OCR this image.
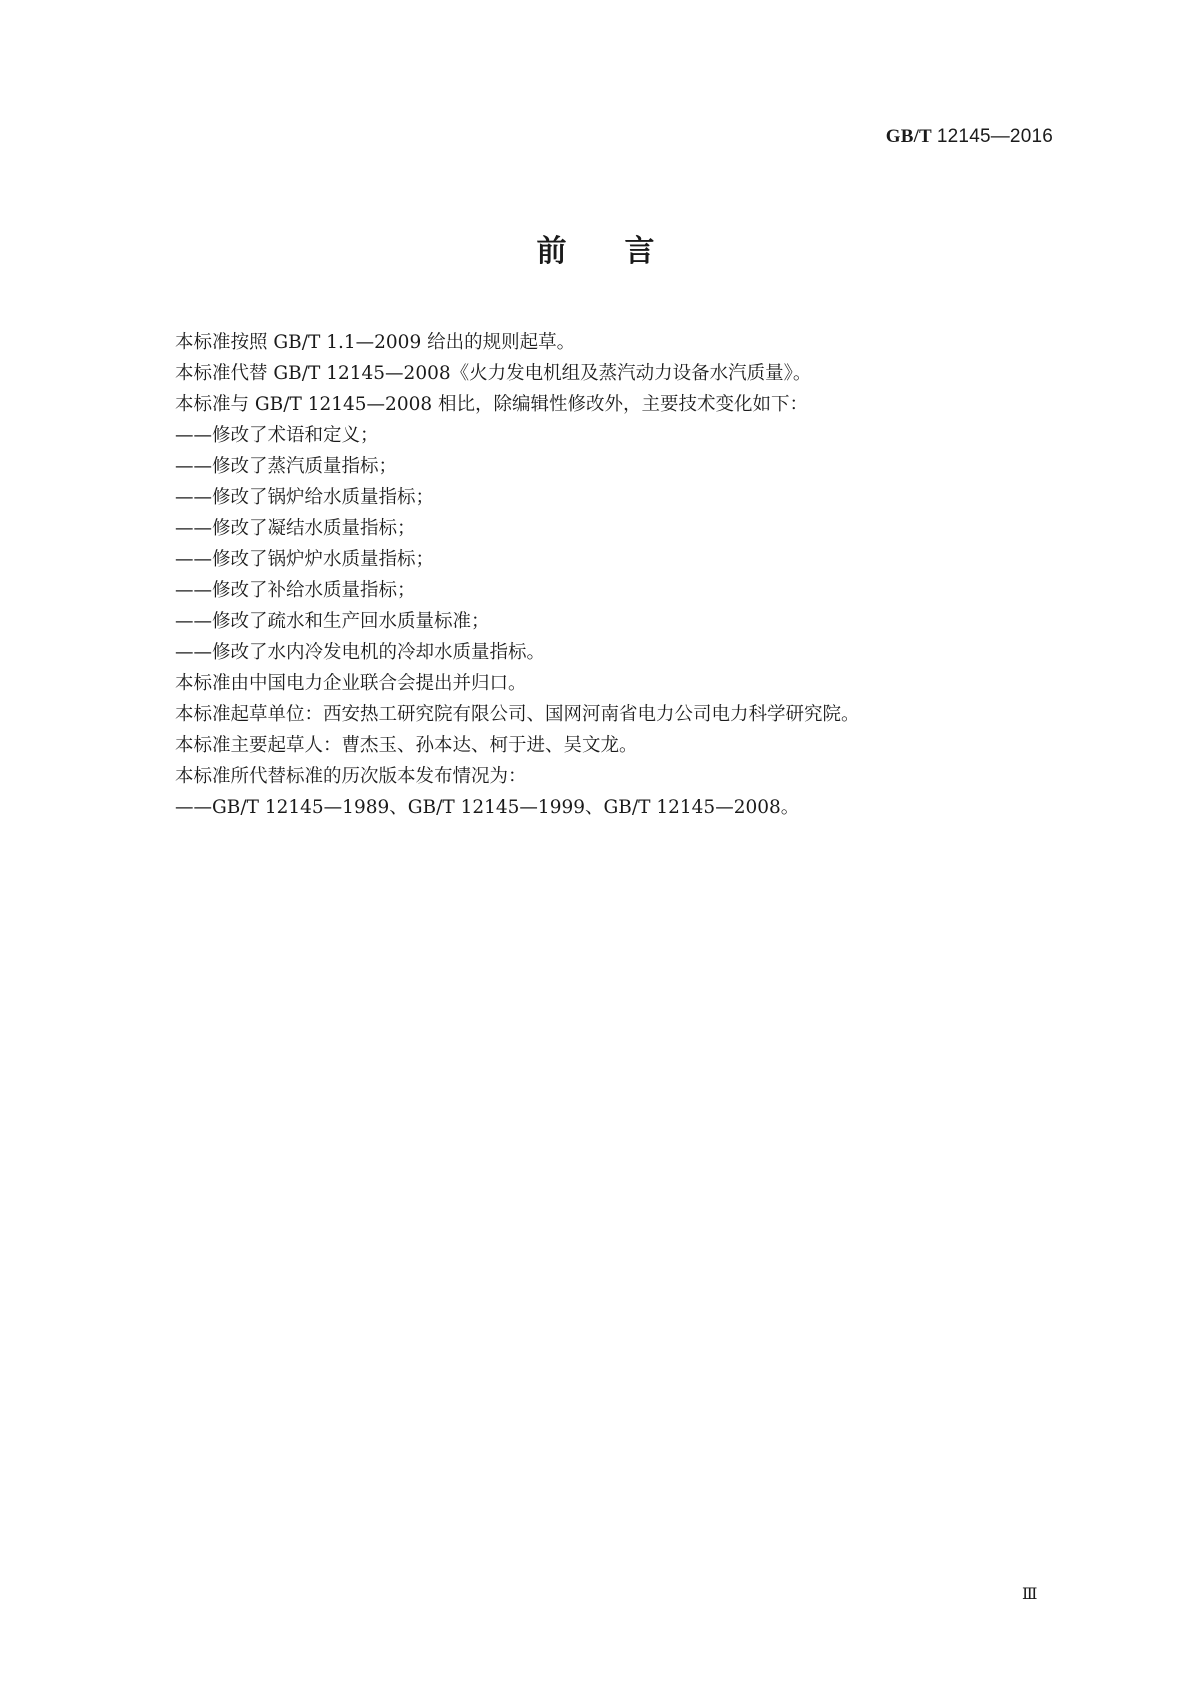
GB/T 12145—2016
前言
本标准按照 GB/T 1.1—2009 给出的规则起草。
本标准代替 GB/T 12145—2008《火力发电机组及蒸汽动力设备水汽质量》。
本标准与 GB/T 12145—2008 相比，除编辑性修改外，主要技术变化如下：
——修改了术语和定义；
——修改了蒸汽质量指标；
——修改了锅炉给水质量指标；
——修改了凝结水质量指标；
——修改了锅炉炉水质量指标；
——修改了补给水质量指标；
——修改了疏水和生产回水质量标准；
——修改了水内冷发电机的冷却水质量指标。
本标准由中国电力企业联合会提出并归口。
本标准起草单位：西安热工研究院有限公司、国网河南省电力公司电力科学研究院。
本标准主要起草人：曹杰玉、孙本达、柯于进、吴文龙。
本标准所代替标准的历次版本发布情况为：
——GB/T 12145—1989、GB/T 12145—1999、GB/T 12145—2008。
Ⅲ
